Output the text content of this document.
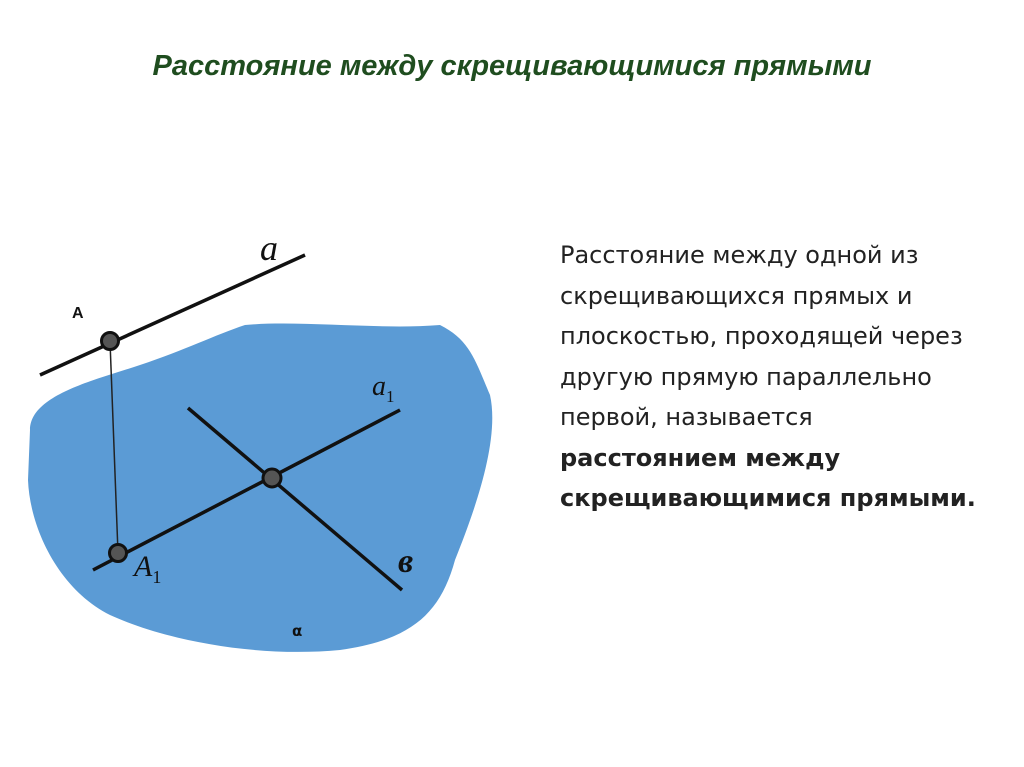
Расстояние между скрещивающимися прямыми
a
A
$a_1$
$A_1$	в
α
Расстояние между одной из
скрещивающихся прямых и
плоскостью, проходящей через
другую прямую параллельно
первой, называется
расстоянием между
скрещивающимися прямыми.
